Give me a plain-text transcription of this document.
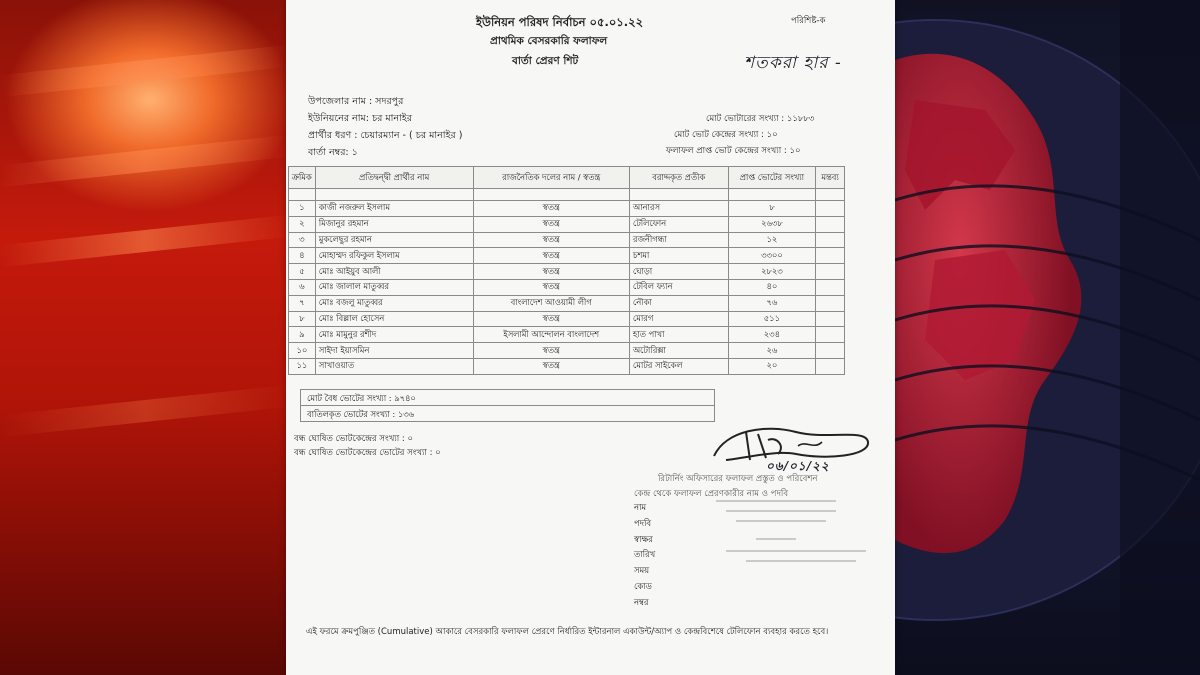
ইউনিয়ন পরিষদ নির্বাচন ০৫.০১.২২
প্রাথমিক বেসরকারি ফলাফল
বার্তা প্রেরণ শিট
পরিশিষ্ট-ক
শতকরা হার -
উপজেলার নাম : সদরপুর
ইউনিয়নের নাম: চর মানাইর
প্রার্থীর ধরণ : চেয়ারম্যান - ( চর মানাইর )
বার্তা নম্বর: ১
মোট ভোটারের সংখ্যা : ১১৮৮৩
মোট ভোট কেন্দ্রের সংখ্যা : ১০
ফলাফল প্রাপ্ত ভোট কেন্দ্রের সংখ্যা : ১০
ক্রমিক	প্রতিদ্বন্দ্বী প্রার্থীর নাম	রাজনৈতিক দলের নাম / স্বতন্ত্র	বরাদ্দকৃত প্রতীক	প্রাপ্ত ভোটের সংখ্যা	মন্তব্য

১	কাজী নজরুল ইসলাম	স্বতন্ত্র	আনারস	৮	
২	মিজানুর রহমান	স্বতন্ত্র	টেলিফোন	২৬৩৮	
৩	মুকলেছুর রহমান	স্বতন্ত্র	রজনীগন্ধা	১২	
৪	মোহাম্মদ রফিকুল ইসলাম	স্বতন্ত্র	চশমা	৩৩০০	
৫	মোঃ আইয়ুব আলী	স্বতন্ত্র	ঘোড়া	২৮২৩	
৬	মোঃ জালাল মাতুব্বর	স্বতন্ত্র	টেবিল ফ্যান	৪০	
৭	মোঃ বজলু মাতুব্বর	বাংলাদেশ আওয়ামী লীগ	নৌকা	৭৬	
৮	মোঃ বিল্লাল হোসেন	স্বতন্ত্র	মোরগ	৫১১	
৯	মোঃ মামুনুর রশীদ	ইসলামী আন্দোলন বাংলাদেশ	হাত পাখা	২৩৪	
১০	সাইদা ইয়াসমিন	স্বতন্ত্র	অটোরিক্সা	২৬	
১১	সাখাওয়াত	স্বতন্ত্র	মোটর সাইকেল	২০	
মোট বৈধ ভোটের সংখ্যা : ৯৭৪০
বাতিলকৃত ভোটের সংখ্যা : ১৩৬
বন্ধ ঘোষিত ভোটকেন্দ্রের সংখ্যা : ০
বন্ধ ঘোষিত ভোটকেন্দ্রের ভোটের সংখ্যা : ০
০৬/০১/২২
রিটার্নিং অফিসারের ফলাফল প্রস্তুত ও পরিবেশন
কেন্দ্র থেকে ফলাফল প্রেরণকারীর নাম ও পদবি
নাম
পদবি
স্বাক্ষর
তারিখ
সময়
কোড
নম্বর
এই ফরমে ক্রমপুঞ্জিত (Cumulative) আকারে বেসরকারি ফলাফল প্রেরণে নির্ধারিত ইন্টারনাল একাউন্ট/অ্যাপ ও কেন্দ্রবিশেষে টেলিফোন ব্যবহার করতে হবে।
